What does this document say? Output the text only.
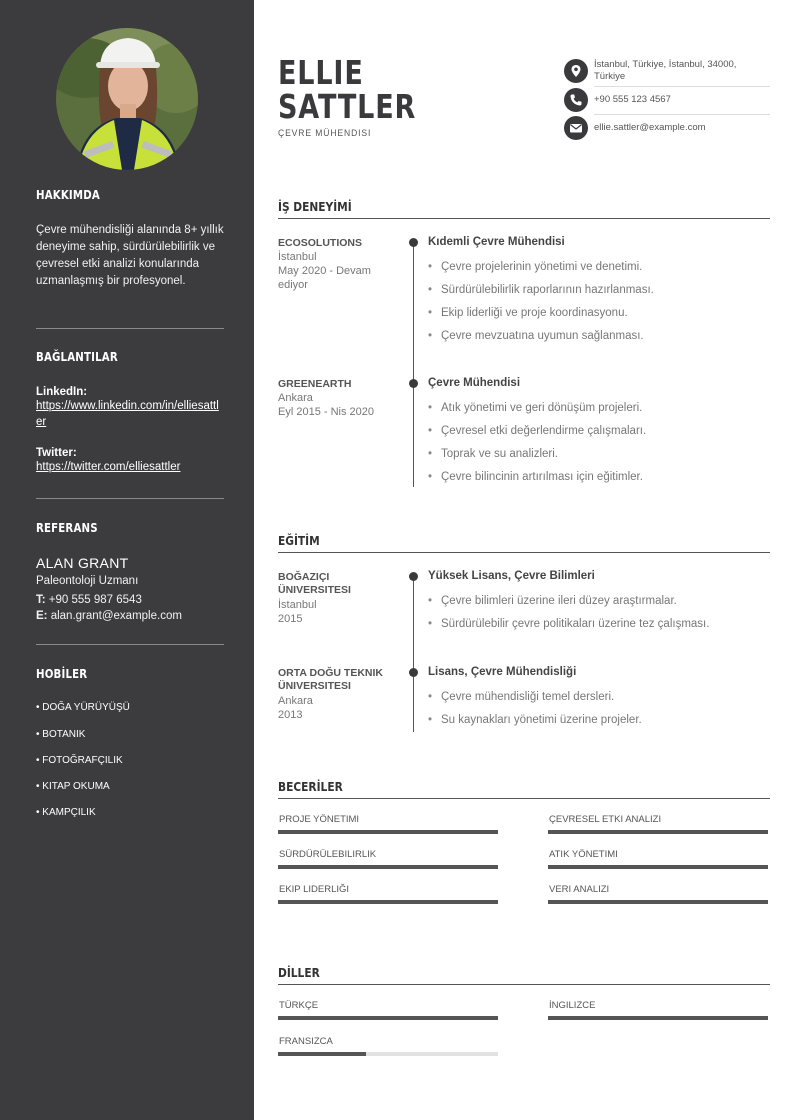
HAKKIMDA
Çevre mühendisliği alanında 8+ yıllık deneyime sahip, sürdürülebilirlik ve çevresel etki analizi konularında uzmanlaşmış bir profesyonel.
BAĞLANTILAR
LinkedIn:
https://www.linkedin.com/in/elliesattler
Twitter:
https://twitter.com/elliesattler
REFERANS
ALAN GRANT
Paleontoloji Uzmanı
T: +90 555 987 6543
E: alan.grant@example.com
HOBİLER
• DOĞA YÜRÜYÜŞÜ
• BOTANIK
• FOTOĞRAFÇILIK
• KITAP OKUMA
• KAMPÇILIK
ELLIE
SATTLER
ÇEVRE MÜHENDISI
İstanbul, Türkiye, İstanbul, 34000, Türkiye
+90 555 123 4567
ellie.sattler@example.com
İŞ DENEYİMİ
ECOSOLUTIONS
İstanbul
May 2020 - Devam ediyor
Kıdemli Çevre Mühendisi
• Çevre projelerinin yönetimi ve denetimi.
• Sürdürülebilirlik raporlarının hazırlanması.
• Ekip liderliği ve proje koordinasyonu.
• Çevre mevzuatına uyumun sağlanması.
GREENEARTH
Ankara
Eyl 2015 - Nis 2020
Çevre Mühendisi
• Atık yönetimi ve geri dönüşüm projeleri.
• Çevresel etki değerlendirme çalışmaları.
• Toprak ve su analizleri.
• Çevre bilincinin artırılması için eğitimler.
EĞİTİM
BOĞAZIÇI ÜNIVERSITESI
İstanbul
2015
Yüksek Lisans, Çevre Bilimleri
• Çevre bilimleri üzerine ileri düzey araştırmalar.
• Sürdürülebilir çevre politikaları üzerine tez çalışması.
ORTA DOĞU TEKNIK ÜNIVERSITESI
Ankara
2013
Lisans, Çevre Mühendisliği
• Çevre mühendisliği temel dersleri.
• Su kaynakları yönetimi üzerine projeler.
BECERİLER
PROJE YÖNETIMI	ÇEVRESEL ETKI ANALIZI
SÜRDÜRÜLEBILIRLIK	ATIK YÖNETIMI
EKIP LIDERLIĞI	VERI ANALIZI
DİLLER
TÜRKÇE	İNGILIZCE
FRANSIZCA
